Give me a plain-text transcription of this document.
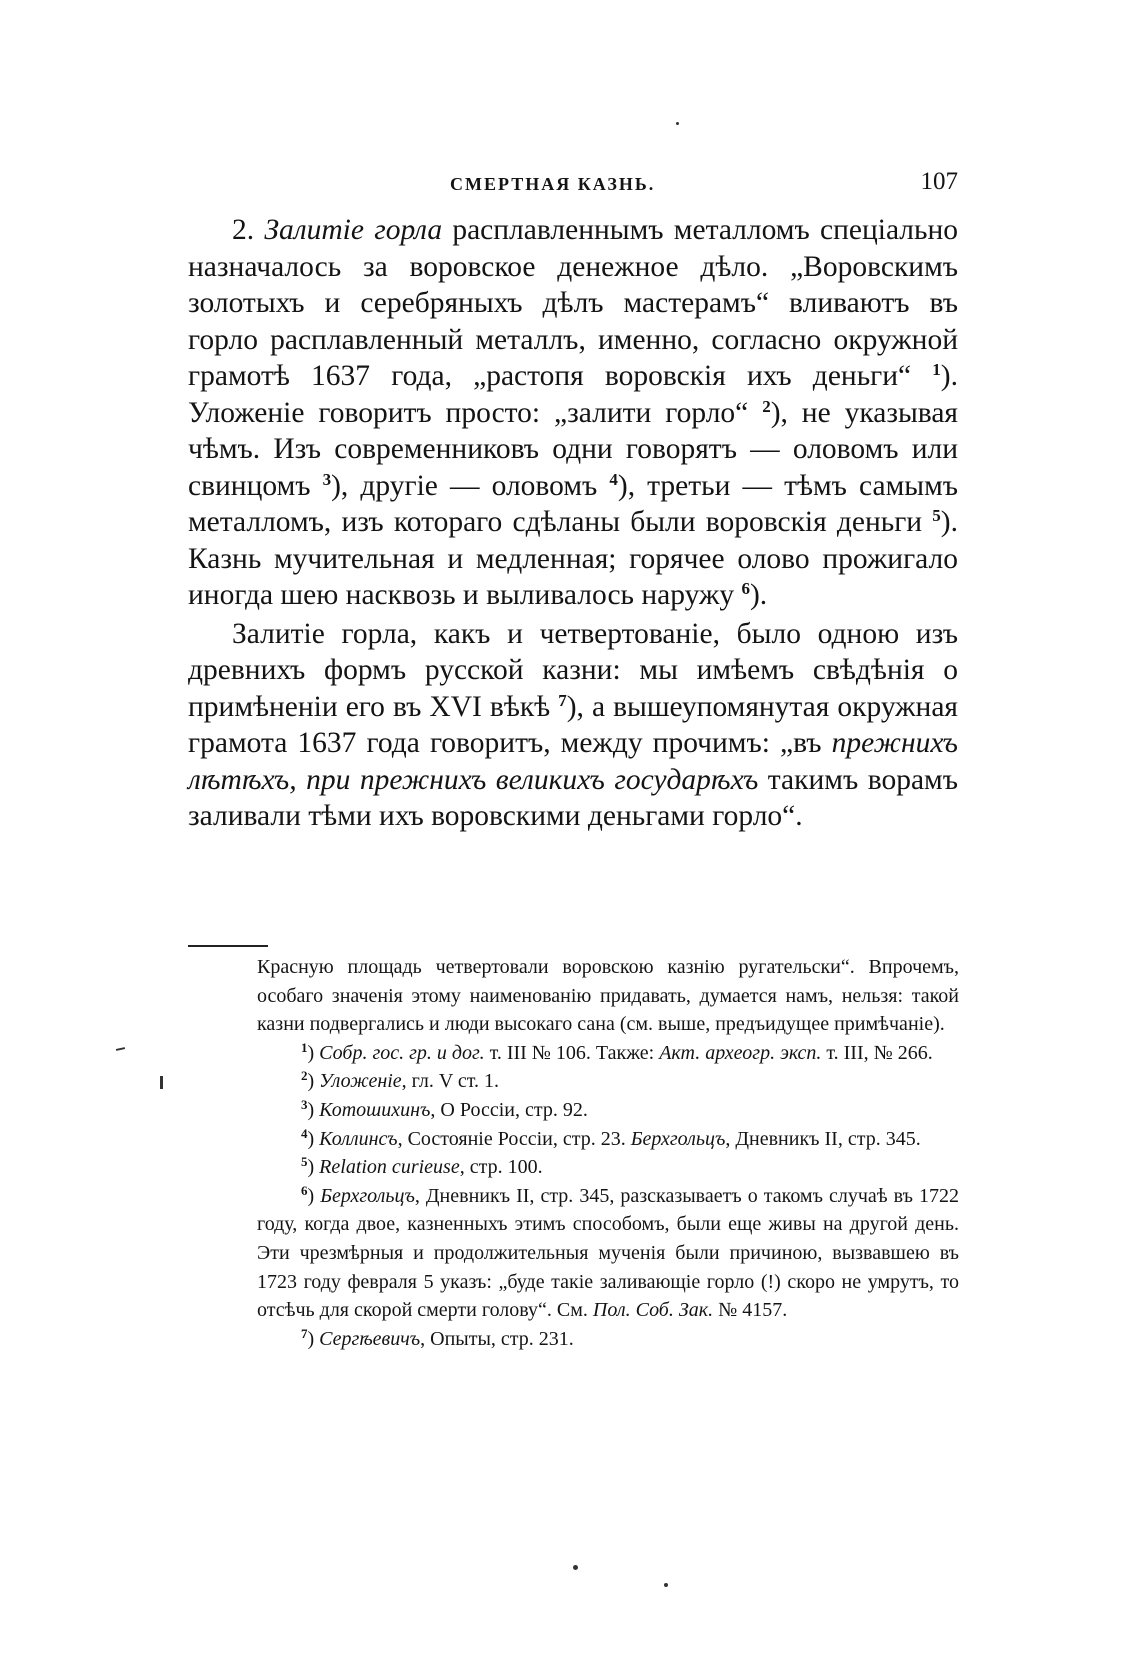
СМЕРТНАЯ КАЗНЬ.	107

2. Залитіе горла расплавленнымъ металломъ спеціально назначалось за воровское денежное дѣло. „Воровскимъ золотыхъ и серебряныхъ дѣлъ мастерамъ“ вливаютъ въ горло расплавленный металлъ, именно, согласно окружной грамотѣ 1637 года, „растопя воровскія ихъ деньги“ $^1$). Уложеніе говоритъ просто: „залити горло“ $^2$), не указывая чѣмъ. Изъ современниковъ одни говорятъ — оловомъ или свинцомъ $^3$), другіе — оловомъ $^4$), третьи — тѣмъ самымъ металломъ, изъ котораго сдѣланы были воровскія деньги $^5$). Казнь мучительная и медленная; горячее олово прожигало иногда шею насквозь и выливалось наружу $^6$).

Залитіе горла, какъ и четвертованіе, было одною изъ древнихъ формъ русской казни: мы имѣемъ свѣдѣнія о примѣненіи его въ XVI вѣкѣ $^7$), а вышеупомянутая окружная грамота 1637 года говоритъ, между прочимъ: „въ прежнихъ лѣтѣхъ, при прежнихъ великихъ государѣхъ такимъ ворамъ заливали тѣми ихъ воровскими деньгами горло“.

Красную площадь четвертовали воровскою казнію ругательски“. Впрочемъ, особаго значенія этому наименованію придавать, думается намъ, нельзя: такой казни подвергались и люди высокаго сана (см. выше, предъидущее примѣчаніе).

$^1$) Собр. гос. гр. и дог. т. III № 106. Также: Акт. археогр. эксп. т. III, № 266.

$^2$) Уложеніе, гл. V ст. 1.

$^3$) Котошихинъ, О Россіи, стр. 92.

$^4$) Коллинсъ, Состояніе Россіи, стр. 23. Берхгольцъ, Дневникъ II, стр. 345.

$^5$) Relation curieuse, стр. 100.

$^6$) Берхгольцъ, Дневникъ II, стр. 345, разсказываетъ о такомъ случаѣ въ 1722 году, когда двое, казненныхъ этимъ способомъ, были еще живы на другой день. Эти чрезмѣрныя и продолжительныя мученія были причиною, вызвавшею въ 1723 году февраля 5 указъ: „буде такіе заливающіе горло (!) скоро не умрутъ, то отсѣчь для скорой смерти голову“. См. Пол. Соб. Зак. № 4157.

$^7$) Сергѣевичъ, Опыты, стр. 231.
